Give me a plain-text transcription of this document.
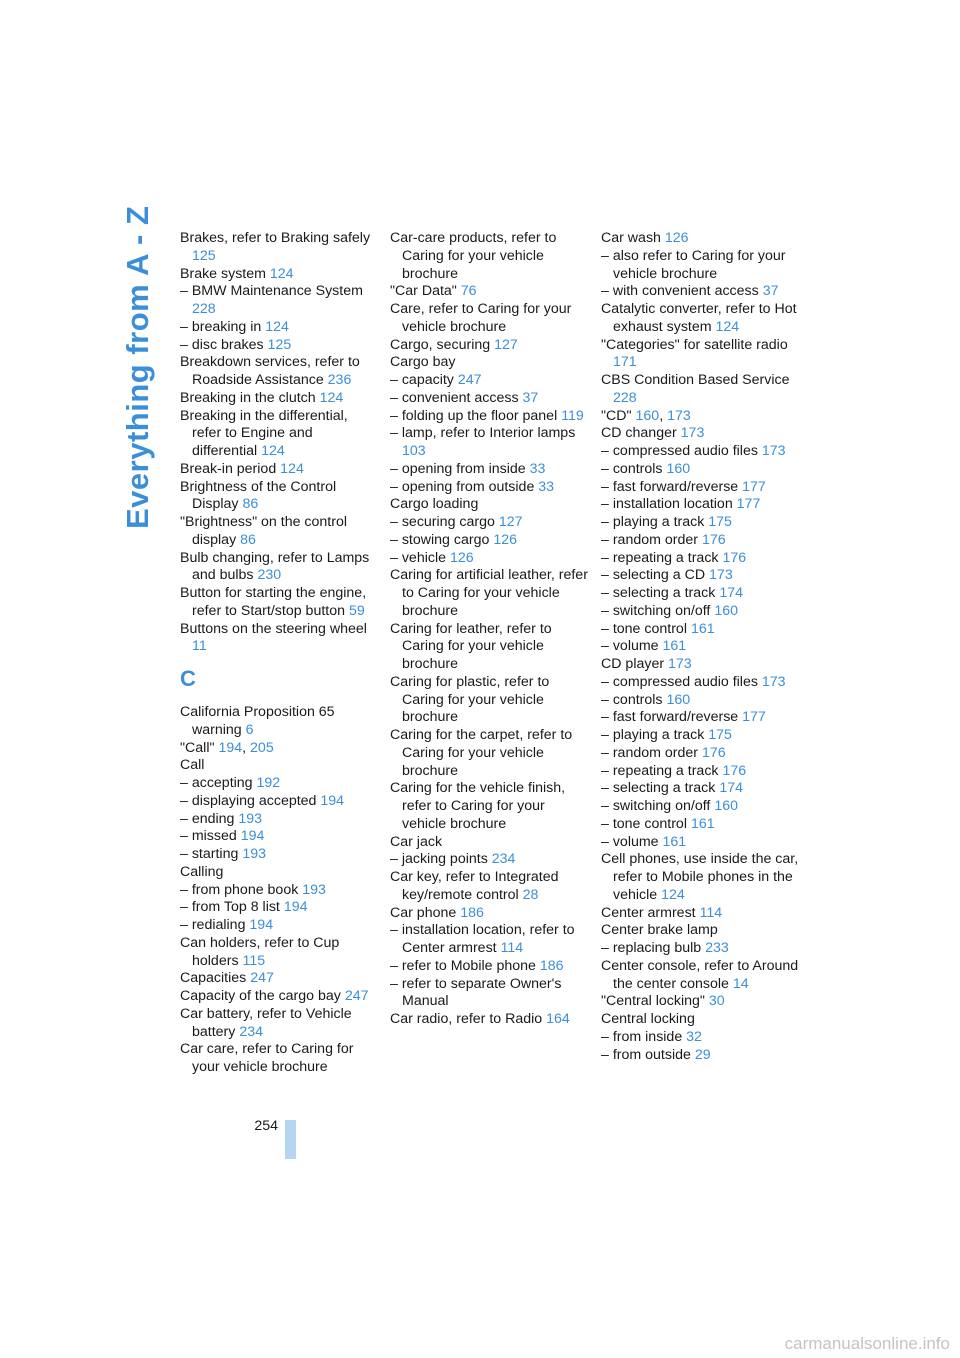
Everything from A - Z Brakes, refer to Braking safely 125
Brake system 124
– BMW Maintenance System 228
– breaking in 124
– disc brakes 125
Breakdown services, refer to Roadside Assistance 236
Breaking in the clutch 124
Breaking in the differential, refer to Engine and differential 124
Break-in period 124
Brightness of the Control Display 86
"Brightness" on the control display 86
Bulb changing, refer to Lamps and bulbs 230
Button for starting the engine, refer to Start/stop button 59
Buttons on the steering wheel 11
C
California Proposition 65 warning 6
"Call" 194, 205
Call
– accepting 192
– displaying accepted 194
– ending 193
– missed 194
– starting 193
Calling
– from phone book 193
– from Top 8 list 194
– redialing 194
Can holders, refer to Cup holders 115
Capacities 247
Capacity of the cargo bay 247
Car battery, refer to Vehicle battery 234
Car care, refer to Caring for your vehicle brochure
Car-care products, refer to Caring for your vehicle brochure
"Car Data" 76
Care, refer to Caring for your vehicle brochure
Cargo, securing 127
Cargo bay
– capacity 247
– convenient access 37
– folding up the floor panel 119
– lamp, refer to Interior lamps 103
– opening from inside 33
– opening from outside 33
Cargo loading
– securing cargo 127
– stowing cargo 126
– vehicle 126
Caring for artificial leather, refer to Caring for your vehicle brochure
Caring for leather, refer to Caring for your vehicle brochure
Caring for plastic, refer to Caring for your vehicle brochure
Caring for the carpet, refer to Caring for your vehicle brochure
Caring for the vehicle finish, refer to Caring for your vehicle brochure
Car jack
– jacking points 234
Car key, refer to Integrated key/remote control 28
Car phone 186
– installation location, refer to Center armrest 114
– refer to Mobile phone 186
– refer to separate Owner's Manual
Car radio, refer to Radio 164
Car wash 126
– also refer to Caring for your vehicle brochure
– with convenient access 37
Catalytic converter, refer to Hot exhaust system 124
"Categories" for satellite radio 171
CBS Condition Based Service 228
"CD" 160, 173
CD changer 173
– compressed audio files 173
– controls 160
– fast forward/reverse 177
– installation location 177
– playing a track 175
– random order 176
– repeating a track 176
– selecting a CD 173
– selecting a track 174
– switching on/off 160
– tone control 161
– volume 161
CD player 173
– compressed audio files 173
– controls 160
– fast forward/reverse 177
– playing a track 175
– random order 176
– repeating a track 176
– selecting a track 174
– switching on/off 160
– tone control 161
– volume 161
Cell phones, use inside the car, refer to Mobile phones in the vehicle 124
Center armrest 114
Center brake lamp
– replacing bulb 233
Center console, refer to Around the center console 14
"Central locking" 30
Central locking
– from inside 32
– from outside 29
254
carmanualsonline.info
